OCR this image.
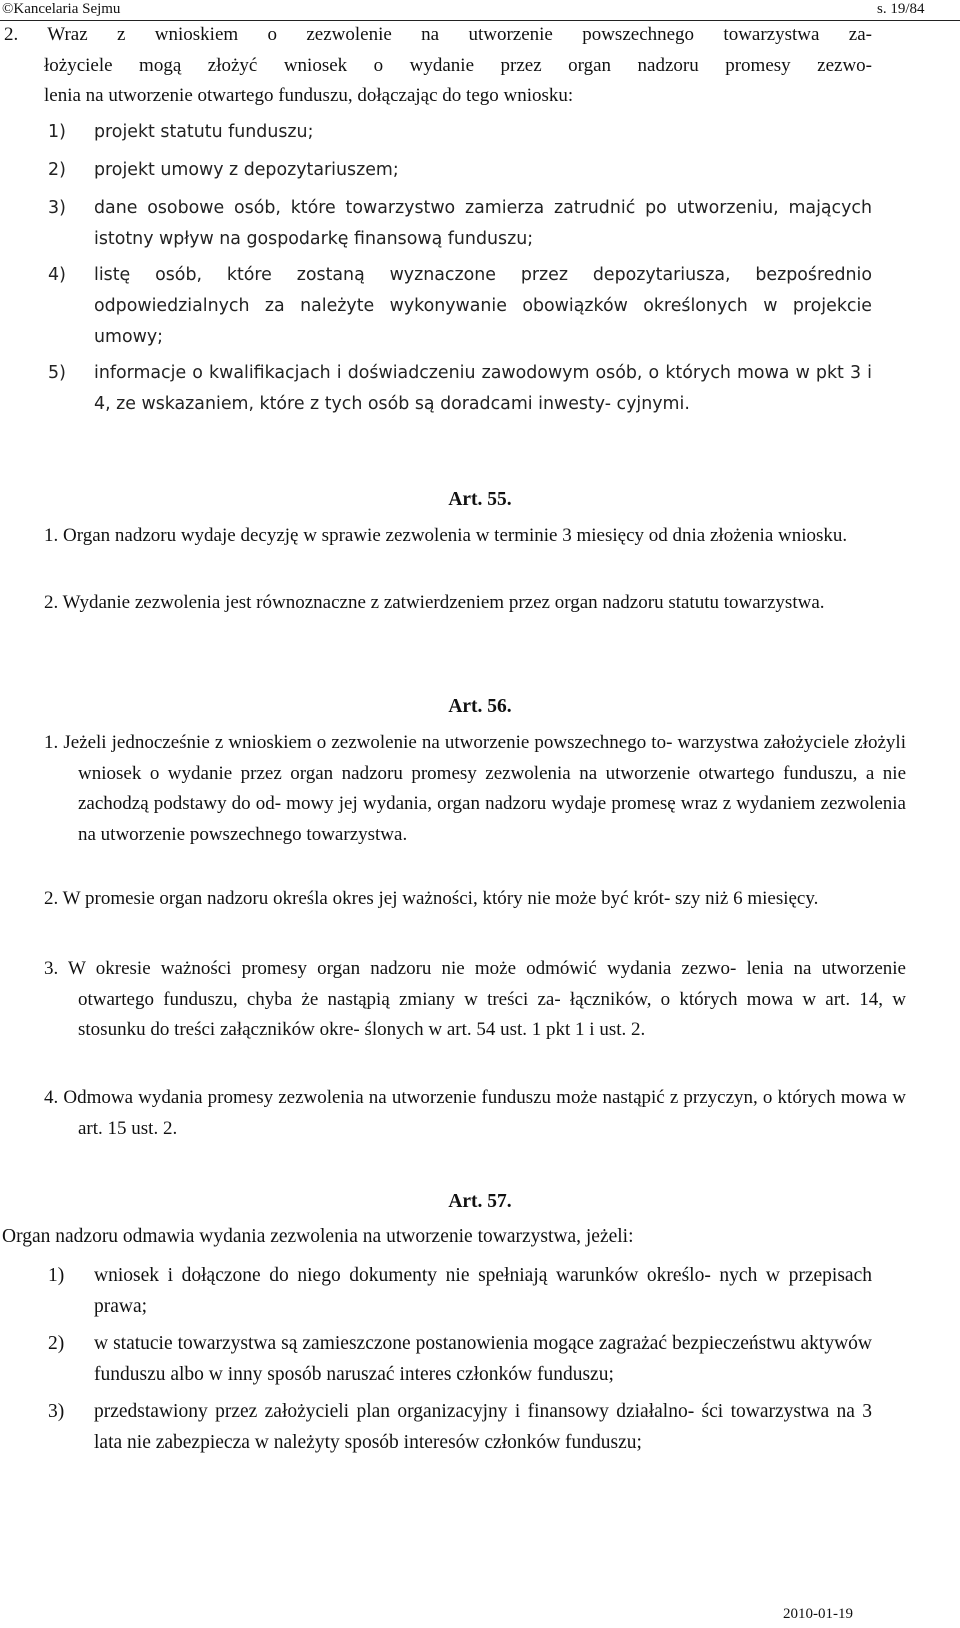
©Kancelaria Sejmu	s. 19/84
2. Wraz z wnioskiem o zezwolenie na utworzenie powszechnego towarzystwa za-
łożyciele mogą złożyć wniosek o wydanie przez organ nadzoru promesy zezwo-
lenia na utworzenie otwartego funduszu, dołączając do tego wniosku:
1) projekt statutu funduszu;
2) projekt umowy z depozytariuszem;
3) dane osobowe osób, które towarzystwo zamierza zatrudnić po utworzeniu, mających istotny wpływ na gospodarkę finansową funduszu;
4) listę osób, które zostaną wyznaczone przez depozytariusza, bezpośrednio odpowiedzialnych za należyte wykonywanie obowiązków określonych w projekcie umowy;
5) informacje o kwalifikacjach i doświadczeniu zawodowym osób, o których mowa w pkt 3 i 4, ze wskazaniem, które z tych osób są doradcami inwesty- cyjnymi.
Art. 55.
1. Organ nadzoru wydaje decyzję w sprawie zezwolenia w terminie 3 miesięcy od dnia złożenia wniosku.
2. Wydanie zezwolenia jest równoznaczne z zatwierdzeniem przez organ nadzoru statutu towarzystwa.
Art. 56.
1. Jeżeli jednocześnie z wnioskiem o zezwolenie na utworzenie powszechnego to- warzystwa założyciele złożyli wniosek o wydanie przez organ nadzoru promesy zezwolenia na utworzenie otwartego funduszu, a nie zachodzą podstawy do od- mowy jej wydania, organ nadzoru wydaje promesę wraz z wydaniem zezwolenia na utworzenie powszechnego towarzystwa.
2. W promesie organ nadzoru określa okres jej ważności, który nie może być krót- szy niż 6 miesięcy.
3. W okresie ważności promesy organ nadzoru nie może odmówić wydania zezwo- lenia na utworzenie otwartego funduszu, chyba że nastąpią zmiany w treści za- łączników, o których mowa w art. 14, w stosunku do treści załączników okre- ślonych w art. 54 ust. 1 pkt 1 i ust. 2.
4. Odmowa wydania promesy zezwolenia na utworzenie funduszu może nastąpić z przyczyn, o których mowa w art. 15 ust. 2.
Art. 57.
Organ nadzoru odmawia wydania zezwolenia na utworzenie towarzystwa, jeżeli:
1) wniosek i dołączone do niego dokumenty nie spełniają warunków określo- nych w przepisach prawa;
2) w statucie towarzystwa są zamieszczone postanowienia mogące zagrażać bezpieczeństwu aktywów funduszu albo w inny sposób naruszać interes członków funduszu;
3) przedstawiony przez założycieli plan organizacyjny i finansowy działalno- ści towarzystwa na 3 lata nie zabezpiecza w należyty sposób interesów członków funduszu;
2010-01-19
